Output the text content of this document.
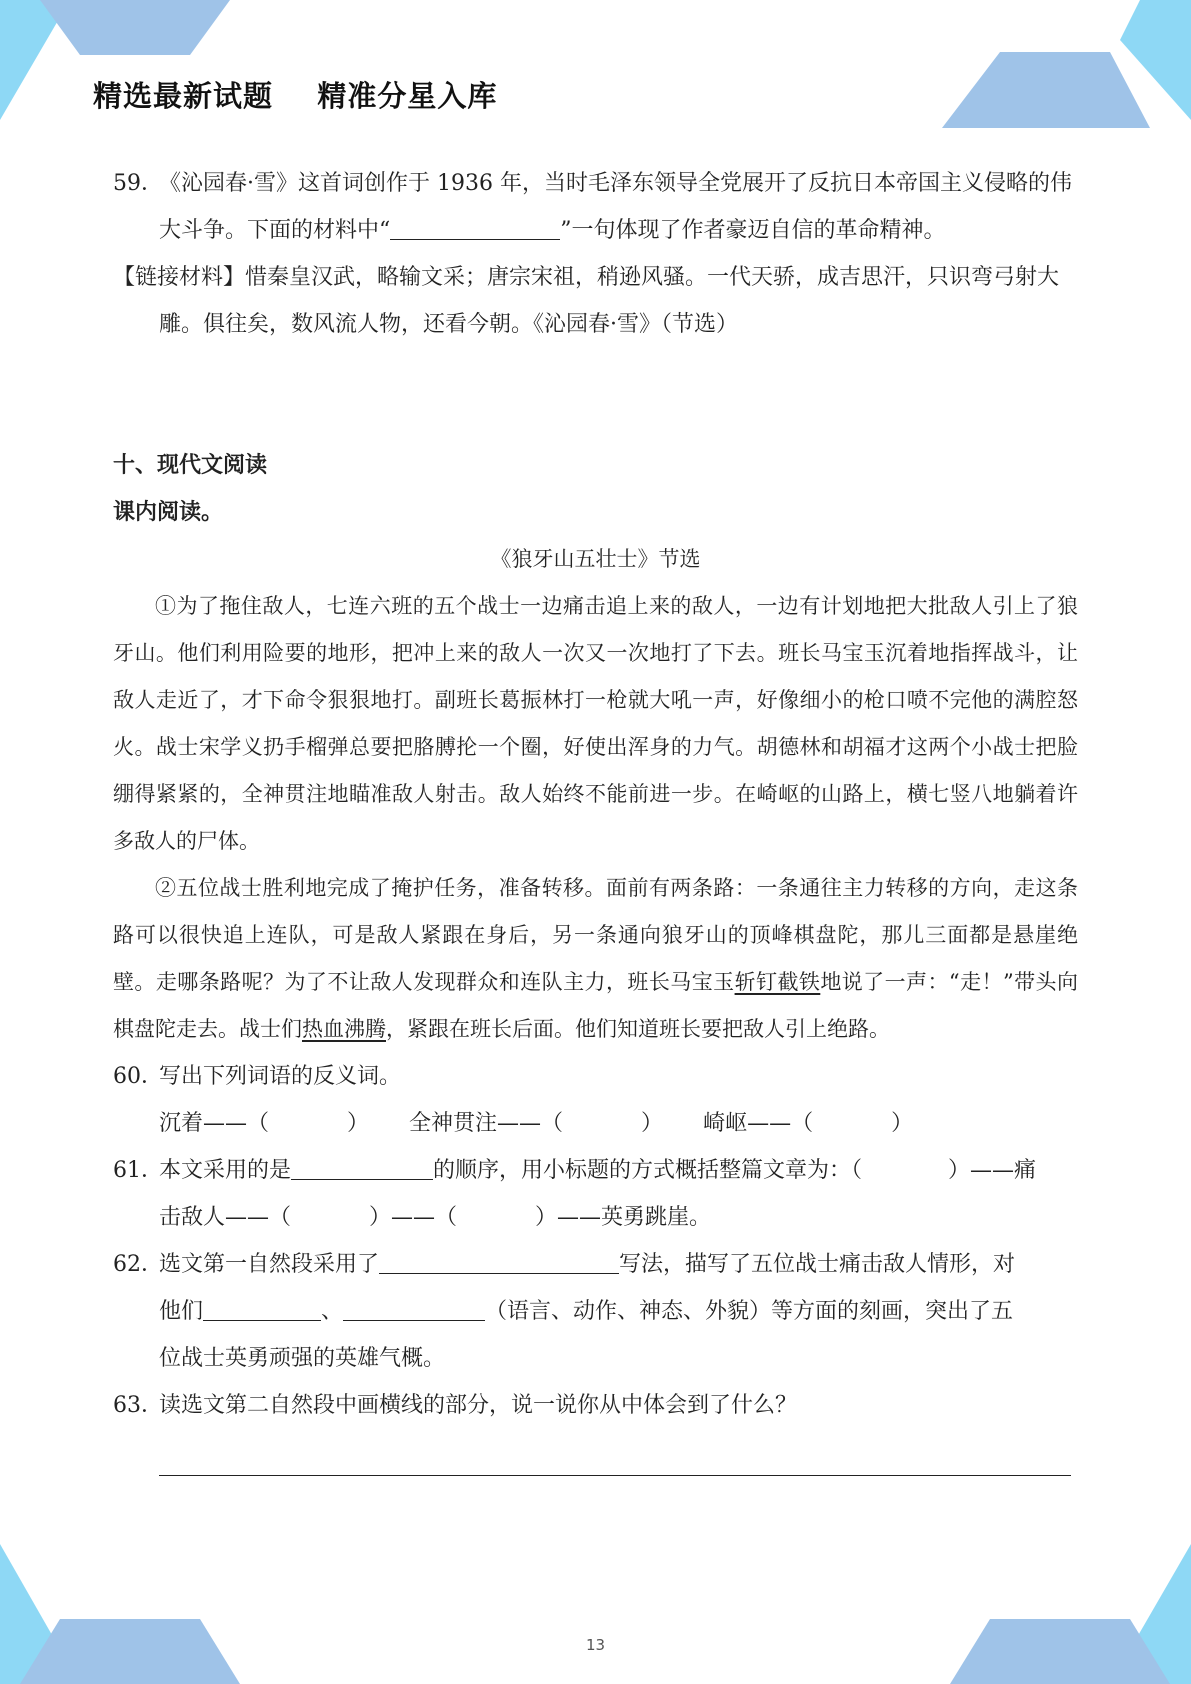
精选最新试题    精准分星入库
59．《沁园春·雪》这首词创作于 1936 年，当时毛泽东领导全党展开了反抗日本帝国主义侵略的伟大斗争。下面的材料中“	”一句体现了作者豪迈自信的革命精神。
【链接材料】惜秦皇汉武，略输文采；唐宗宋祖，稍逊风骚。一代天骄，成吉思汗，只识弯弓射大雕。俱往矣，数风流人物，还看今朝。《沁园春·雪》（节选）
十、现代文阅读
课内阅读。
《狼牙山五壮士》节选
①为了拖住敌人，七连六班的五个战士一边痛击追上来的敌人，一边有计划地把大批敌人引上了狼牙山。他们利用险要的地形，把冲上来的敌人一次又一次地打了下去。班长马宝玉沉着地指挥战斗，让敌人走近了，才下命令狠狠地打。副班长葛振林打一枪就大吼一声，好像细小的枪口喷不完他的满腔怒火。战士宋学义扔手榴弹总要把胳膊抡一个圈，好使出浑身的力气。胡德林和胡福才这两个小战士把脸绷得紧紧的，全神贯注地瞄准敌人射击。敌人始终不能前进一步。在崎岖的山路上，横七竖八地躺着许多敌人的尸体。
②五位战士胜利地完成了掩护任务，准备转移。面前有两条路：一条通往主力转移的方向，走这条路可以很快追上连队，可是敌人紧跟在身后，另一条通向狼牙山的顶峰棋盘陀，那儿三面都是悬崖绝壁。走哪条路呢？为了不让敌人发现群众和连队主力，班长马宝玉斩钉截铁地说了一声：“走！”带头向棋盘陀走去。战士们热血沸腾，紧跟在班长后面。他们知道班长要把敌人引上绝路。
60．写出下列词语的反义词。
沉着——（	） 全神贯注——（	） 崎岖——（	）
61．本文采用的是	的顺序，用小标题的方式概括整篇文章为：（	）——痛
击敌人——（	）——（	）——英勇跳崖。
62．选文第一自然段采用了	写法，描写了五位战士痛击敌人情形，对
他们	、	（语言、动作、神态、外貌）等方面的刻画，突出了五
位战士英勇顽强的英雄气概。
63．读选文第二自然段中画横线的部分，说一说你从中体会到了什么？
13
